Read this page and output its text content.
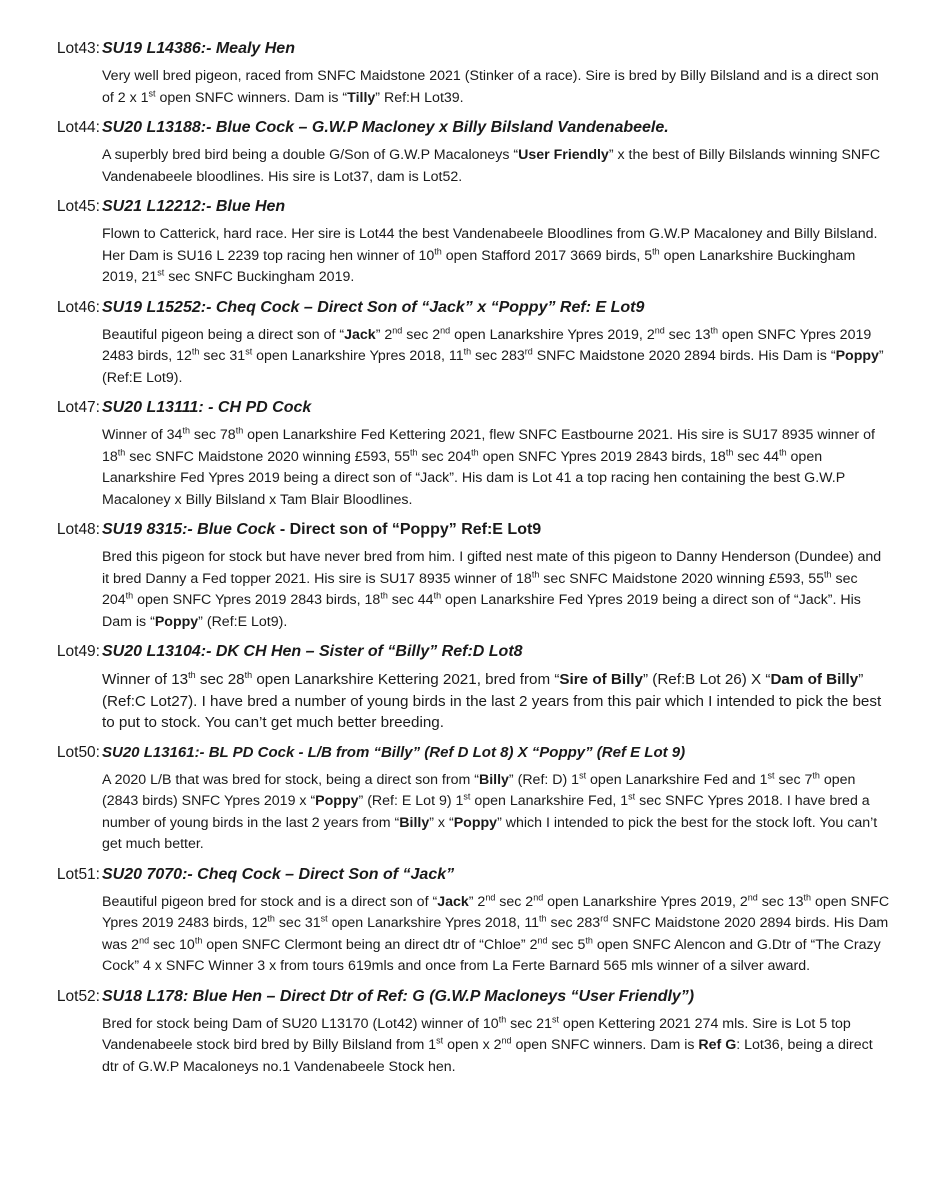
Lot43: SU19 L14386:- Mealy Hen
Very well bred pigeon, raced from SNFC Maidstone 2021 (Stinker of a race). Sire is bred by Billy Bilsland and is a direct son of 2 x 1st open SNFC winners. Dam is “Tilly” Ref:H Lot39.
Lot44: SU20 L13188:- Blue Cock – G.W.P Macloney x Billy Bilsland Vandenabeele.
A superbly bred bird being a double G/Son of G.W.P Macaloneys “User Friendly” x the best of Billy Bilslands winning SNFC Vandenabeele bloodlines. His sire is Lot37, dam is Lot52.
Lot45: SU21 L12212:- Blue Hen
Flown to Catterick, hard race. Her sire is Lot44 the best Vandenabeele Bloodlines from G.W.P Macaloney and Billy Bilsland. Her Dam is SU16 L 2239 top racing hen winner of 10th open Stafford 2017 3669 birds, 5th open Lanarkshire Buckingham 2019, 21st sec SNFC Buckingham 2019.
Lot46: SU19 L15252:- Cheq Cock – Direct Son of “Jack” x “Poppy” Ref: E Lot9
Beautiful pigeon being a direct son of “Jack” 2nd sec 2nd open Lanarkshire Ypres 2019, 2nd sec 13th open SNFC Ypres 2019 2483 birds, 12th sec 31st open Lanarkshire Ypres 2018, 11th sec 283rd SNFC Maidstone 2020 2894 birds. His Dam is “Poppy” (Ref:E Lot9).
Lot47: SU20 L13111: - CH PD Cock
Winner of 34th sec 78th open Lanarkshire Fed Kettering 2021, flew SNFC Eastbourne 2021. His sire is SU17 8935 winner of 18th sec SNFC Maidstone 2020 winning £593, 55th sec 204th open SNFC Ypres 2019 2843 birds, 18th sec 44th open Lanarkshire Fed Ypres 2019 being a direct son of “Jack”. His dam is Lot 41 a top racing hen containing the best G.W.P Macaloney x Billy Bilsland x Tam Blair Bloodlines.
Lot48: SU19 8315:- Blue Cock - Direct son of “Poppy” Ref:E Lot9
Bred this pigeon for stock but have never bred from him. I gifted nest mate of this pigeon to Danny Henderson (Dundee) and it bred Danny a Fed topper 2021. His sire is SU17 8935 winner of 18th sec SNFC Maidstone 2020 winning £593, 55th sec 204th open SNFC Ypres 2019 2843 birds, 18th sec 44th open Lanarkshire Fed Ypres 2019 being a direct son of “Jack”. His Dam is “Poppy” (Ref:E Lot9).
Lot49: SU20 L13104:- DK CH Hen – Sister of “Billy” Ref:D Lot8
Winner of 13th sec 28th open Lanarkshire Kettering 2021, bred from “Sire of Billy” (Ref:B Lot 26) X “Dam of Billy” (Ref:C Lot27). I have bred a number of young birds in the last 2 years from this pair which I intended to pick the best to put to stock. You can’t get much better breeding.
Lot50: SU20 L13161:- BL PD Cock - L/B from “Billy” (Ref D Lot 8) X “Poppy” (Ref E Lot 9)
A 2020 L/B that was bred for stock, being a direct son from “Billy” (Ref: D) 1st open Lanarkshire Fed and 1st sec 7th open (2843 birds) SNFC Ypres 2019 x “Poppy” (Ref: E Lot 9) 1st open Lanarkshire Fed, 1st sec SNFC Ypres 2018. I have bred a number of young birds in the last 2 years from “Billy” x “Poppy” which I intended to pick the best for the stock loft. You can’t get much better.
Lot51: SU20 7070:- Cheq Cock – Direct Son of “Jack”
Beautiful pigeon bred for stock and is a direct son of “Jack” 2nd sec 2nd open Lanarkshire Ypres 2019, 2nd sec 13th open SNFC Ypres 2019 2483 birds, 12th sec 31st open Lanarkshire Ypres 2018, 11th sec 283rd SNFC Maidstone 2020 2894 birds. His Dam was 2nd sec 10th open SNFC Clermont being an direct dtr of “Chloe” 2nd sec 5th open SNFC Alencon and G.Dtr of “The Crazy Cock” 4 x SNFC Winner 3 x from tours 619mls and once from La Ferte Barnard 565 mls winner of a silver award.
Lot52: SU18 L178: Blue Hen – Direct Dtr of Ref: G (G.W.P Macloneys “User Friendly”)
Bred for stock being Dam of SU20 L13170 (Lot42) winner of 10th sec 21st open Kettering 2021 274 mls. Sire is Lot 5 top Vandenabeele stock bird bred by Billy Bilsland from 1st open x 2nd open SNFC winners. Dam is Ref G: Lot36, being a direct dtr of G.W.P Macaloneys no.1 Vandenabeele Stock hen.
